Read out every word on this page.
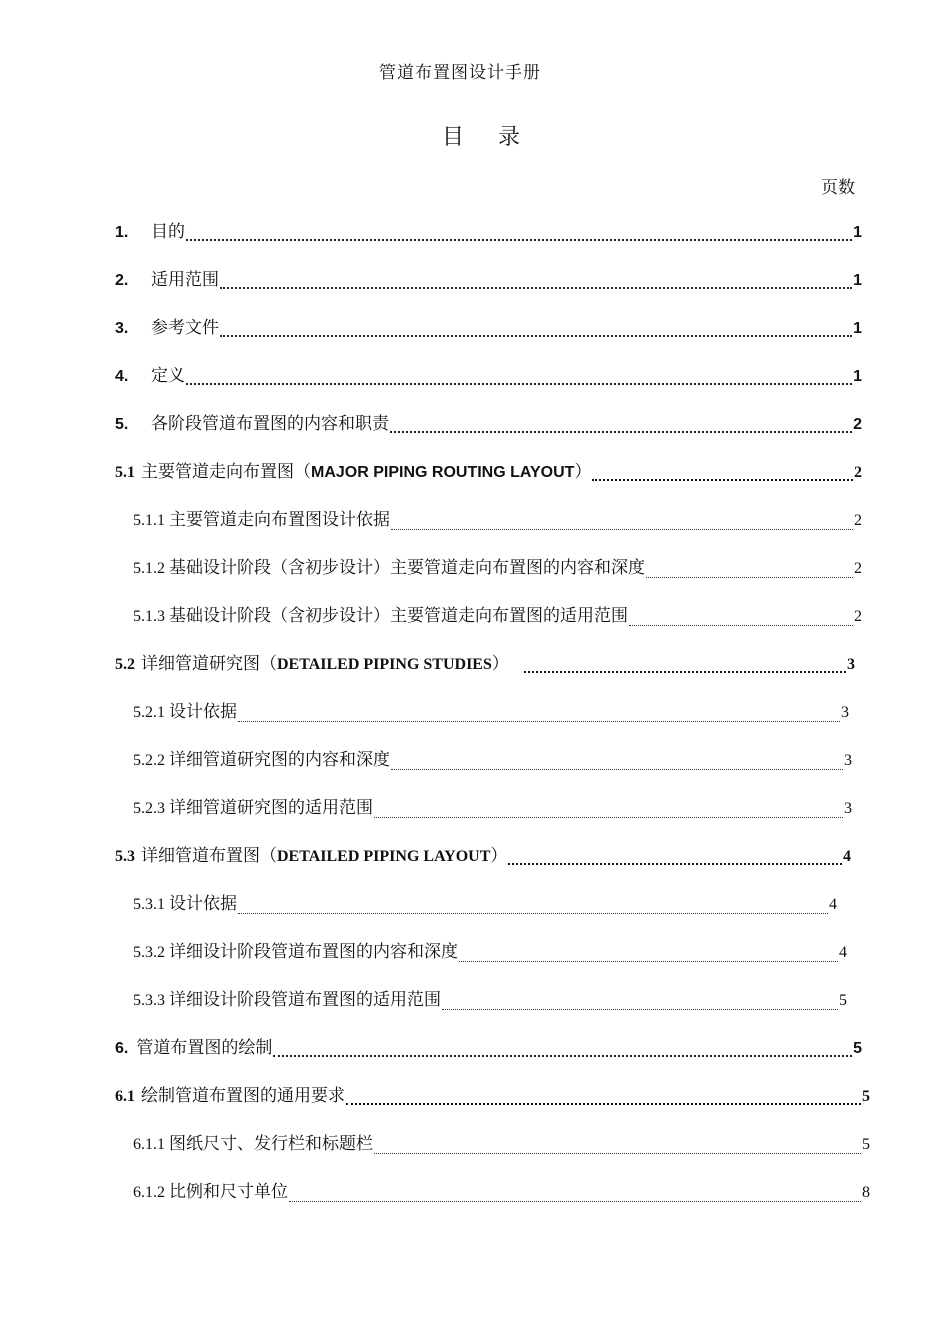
管道布置图设计手册
目录
页数
1.	目的	1
2.	适用范围	1
3.	参考文件	1
4.	定义	1
5.	各阶段管道布置图的内容和职责	2
5.1 主要管道走向布置图（ MAJOR PIPING ROUTING LAYOUT ）	2
5.1.1 主要管道走向布置图设计依据	2
5.1.2 基础设计阶段（含初步设计）主要管道走向布置图的内容和深度	2
5.1.3 基础设计阶段（含初步设计）主要管道走向布置图的适用范围	2
5.2 详细管道研究图（ DETAILED PIPING STUDIES ）	3
5.2.1 设计依据	3
5.2.2 详细管道研究图的内容和深度	3
5.2.3 详细管道研究图的适用范围	3
5.3 详细管道布置图（ DETAILED PIPING LAYOUT ）	4
5.3.1 设计依据	4
5.3.2 详细设计阶段管道布置图的内容和深度	4
5.3.3 详细设计阶段管道布置图的适用范围	5
6. 管道布置图的绘制	5
6.1 绘制管道布置图的通用要求	5
6.1.1 图纸尺寸、发行栏和标题栏	5
6.1.2 比例和尺寸单位	8
